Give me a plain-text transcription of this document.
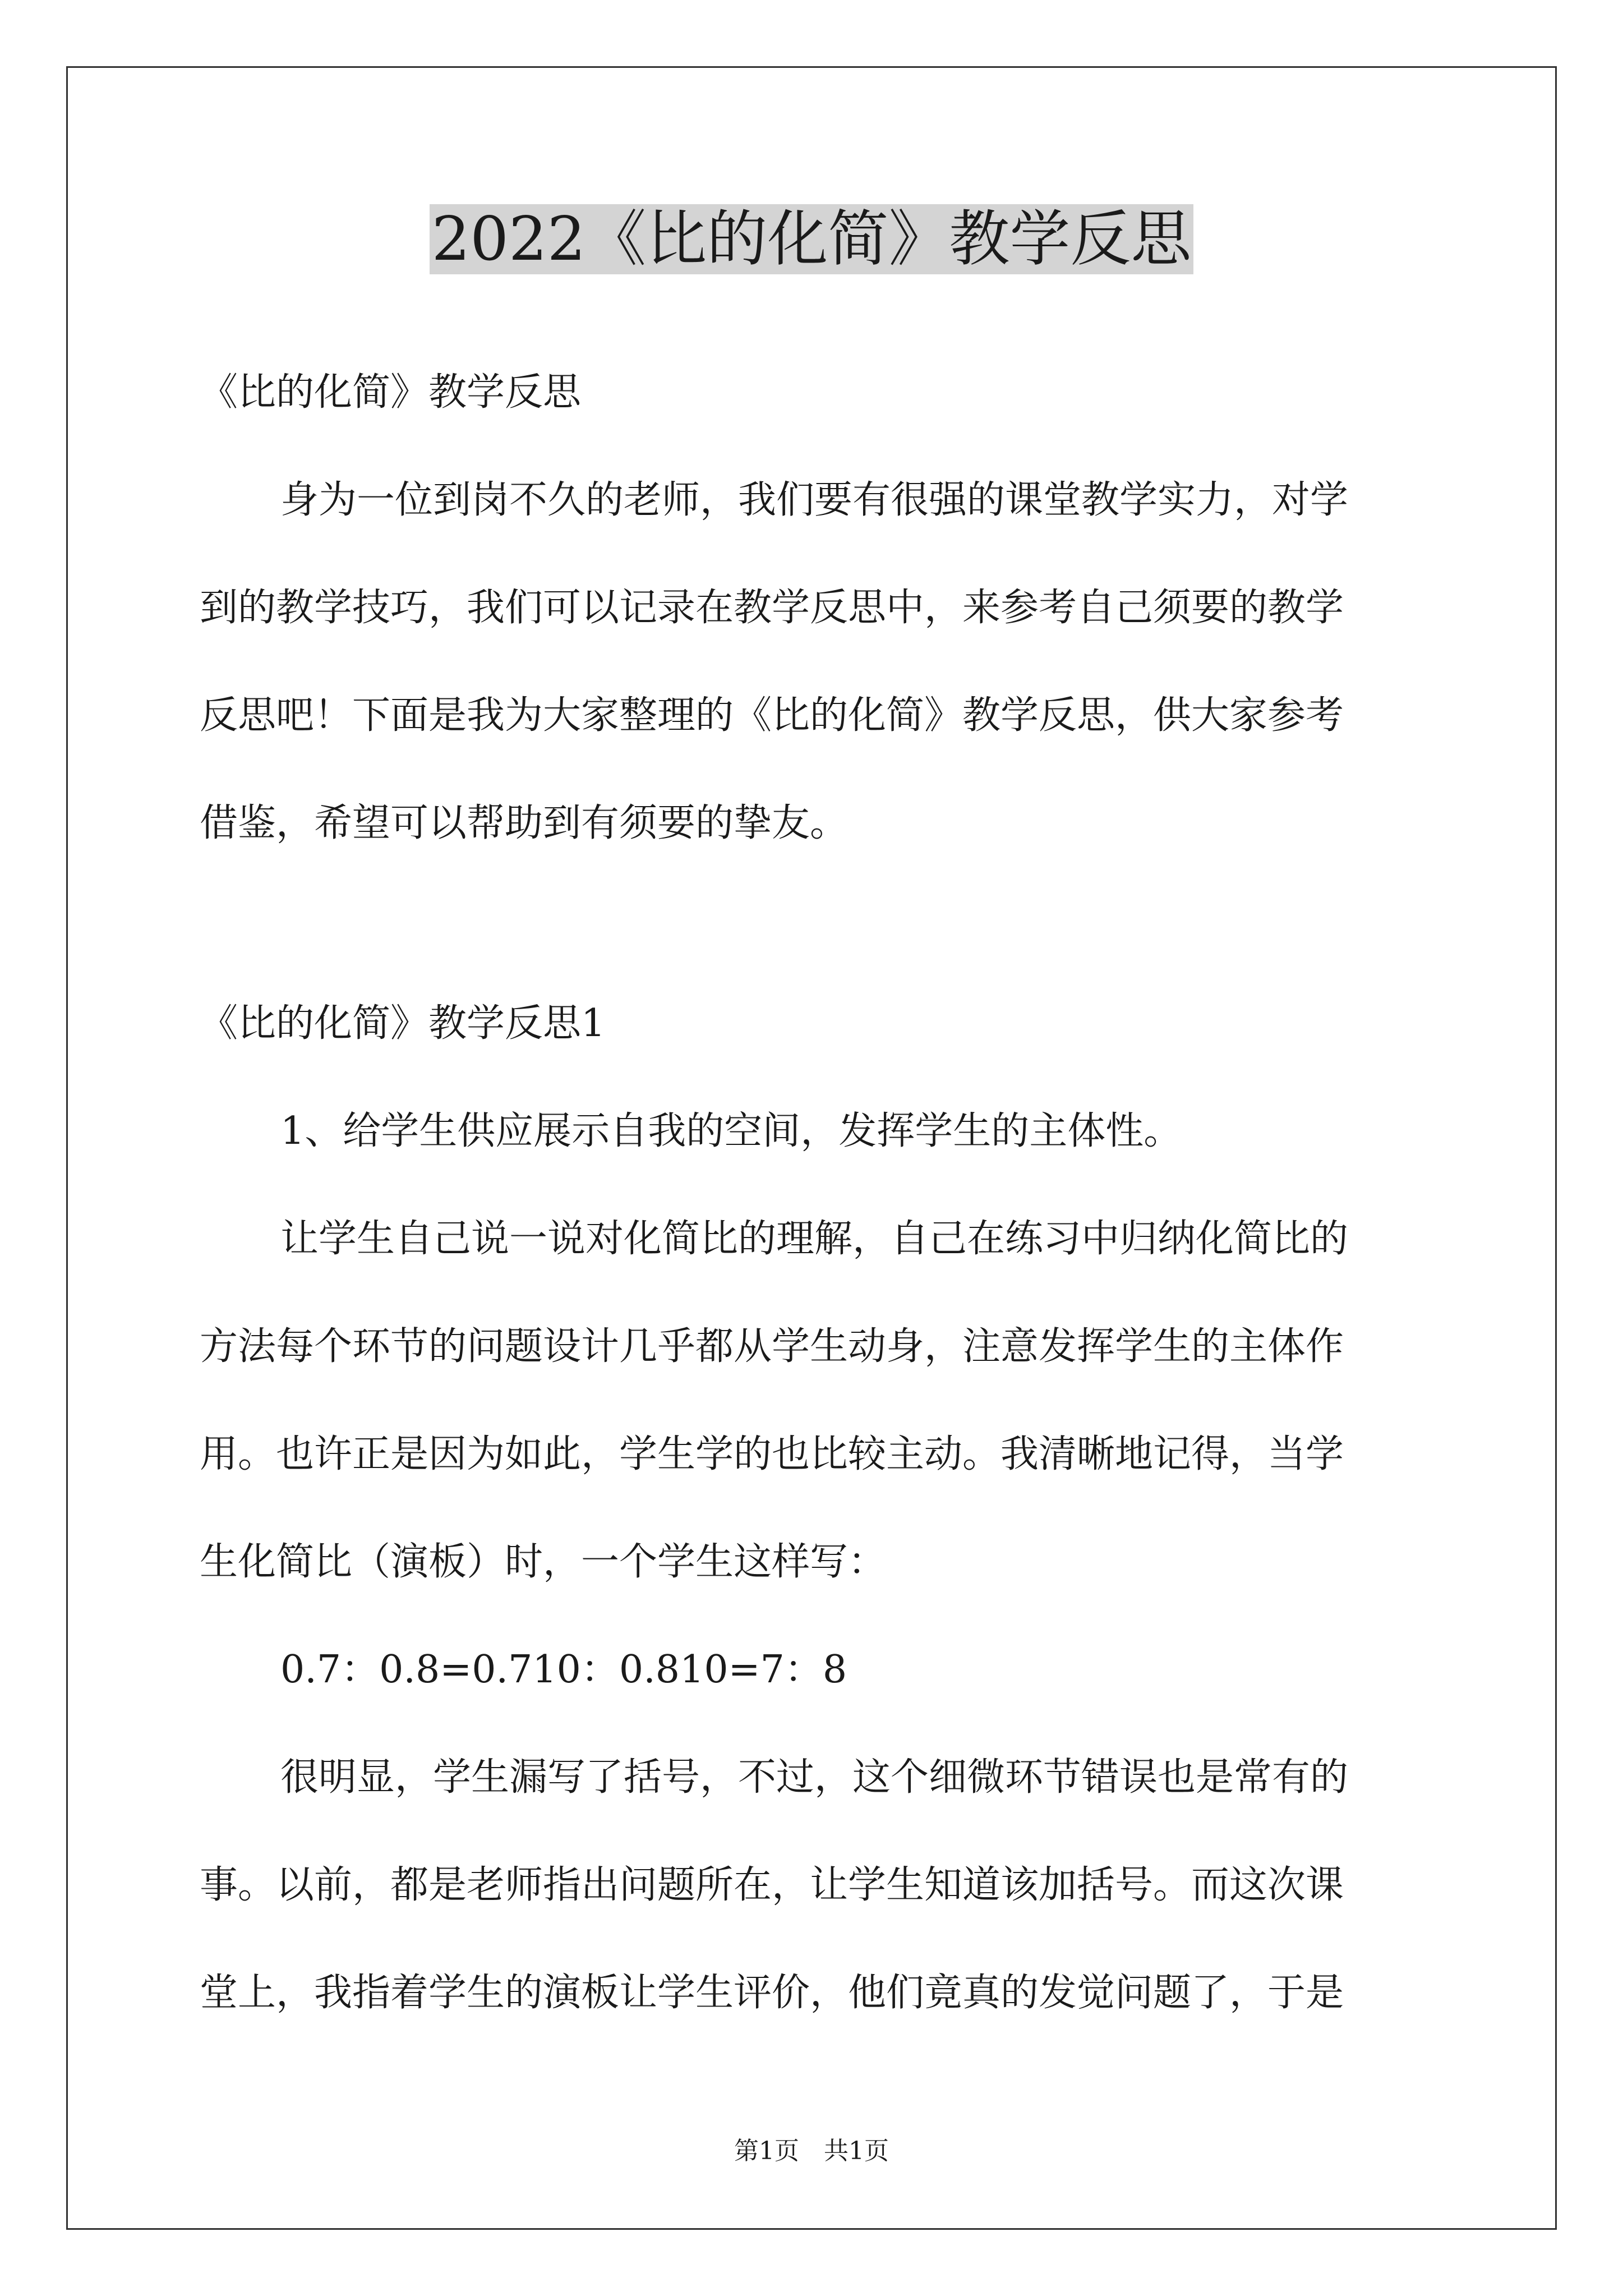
2022《比的化简》教学反思

《比的化简》教学反思

身为一位到岗不久的老师，我们要有很强的课堂教学实力，对学
到的教学技巧，我们可以记录在教学反思中，来参考自己须要的教学
反思吧！下面是我为大家整理的《比的化简》教学反思，供大家参考
借鉴，希望可以帮助到有须要的挚友。

《比的化简》教学反思1

1、给学生供应展示自我的空间，发挥学生的主体性。

让学生自己说一说对化简比的理解，自己在练习中归纳化简比的
方法每个环节的问题设计几乎都从学生动身，注意发挥学生的主体作
用。也许正是因为如此，学生学的也比较主动。我清晰地记得，当学
生化简比（演板）时，一个学生这样写：

0.7：0.8=0.710：0.810=7：8

很明显，学生漏写了括号，不过，这个细微环节错误也是常有的
事。以前，都是老师指出问题所在，让学生知道该加括号。而这次课
堂上，我指着学生的演板让学生评价，他们竟真的发觉问题了，于是
第1页　共1页
